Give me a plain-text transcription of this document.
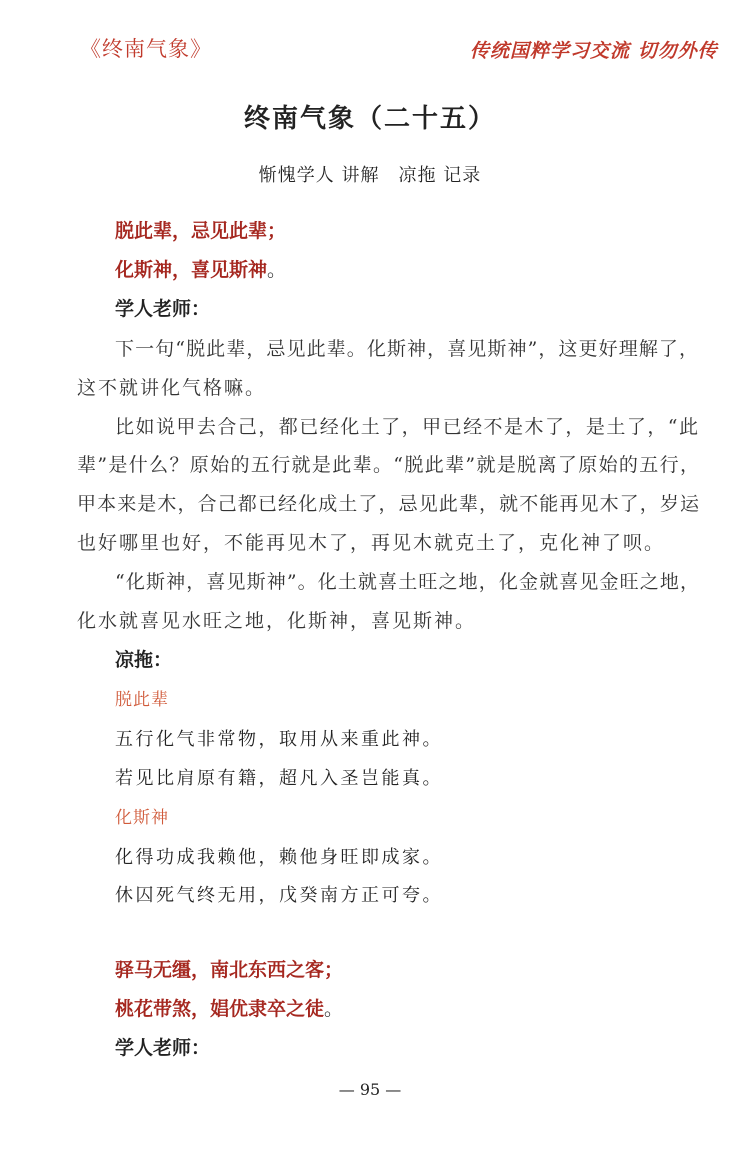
《终南气象》	传统国粹学习交流 切勿外传
终南气象（二十五）
惭愧学人 讲解　凉拖 记录
脱此辈，忌见此辈；
化斯神，喜见斯神。
学人老师：
下一句“脱此辈，忌见此辈。化斯神，喜见斯神”，这更好理解了，
这不就讲化气格嘛。
比如说甲去合己，都已经化土了，甲已经不是木了，是土了，“此
辈”是什么？原始的五行就是此辈。“脱此辈”就是脱离了原始的五行，
甲本来是木，合己都已经化成土了，忌见此辈，就不能再见木了，岁运
也好哪里也好，不能再见木了，再见木就克土了，克化神了呗。
“化斯神，喜见斯神”。化土就喜土旺之地，化金就喜见金旺之地，
化水就喜见水旺之地，化斯神，喜见斯神。
凉拖：
脱此辈
五行化气非常物，取用从来重此神。
若见比肩原有籍，超凡入圣岂能真。
化斯神
化得功成我赖他，赖他身旺即成家。
休囚死气终无用，戊癸南方正可夸。
驿马无缰，南北东西之客；
桃花带煞，娼优隶卒之徒。
学人老师：
— 95 —
